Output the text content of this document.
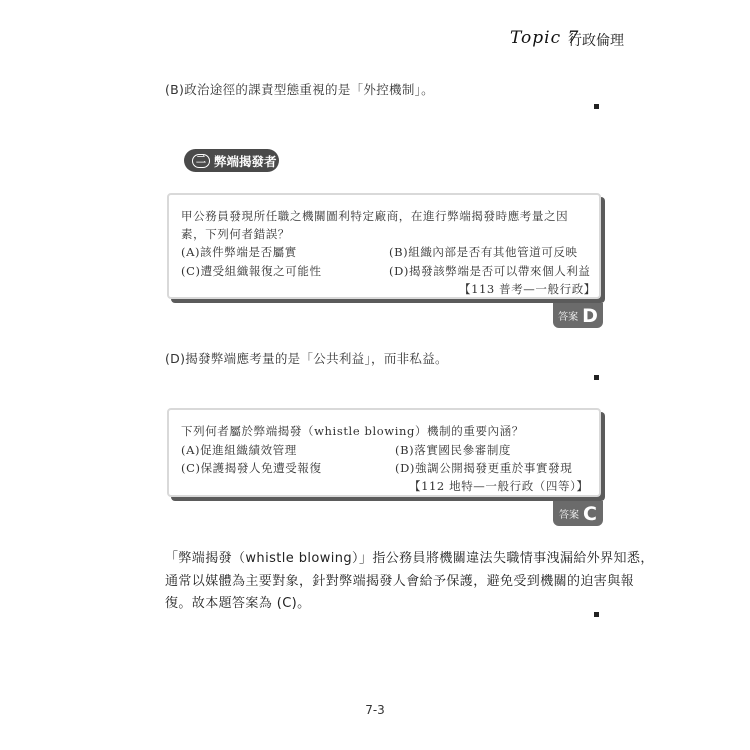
Topic 7
行政倫理
(B)政治途徑的課責型態重視的是「外控機制」。
二 弊端揭發者
甲公務員發現所任職之機關圖利特定廠商，在進行弊端揭發時應考量之因
素，下列何者錯誤？
(A)該件弊端是否屬實	(B)組織內部是否有其他管道可反映
(C)遭受組織報復之可能性	(D)揭發該弊端是否可以帶來個人利益
【113 普考—一般行政】
答案 D
(D)揭發弊端應考量的是「公共利益」，而非私益。
下列何者屬於弊端揭發（whistle blowing）機制的重要內涵？
(A)促進組織績效管理	(B)落實國民參審制度
(C)保護揭發人免遭受報復	(D)強調公開揭發更重於事實發現
【112 地特—一般行政（四等）】
答案 C
「弊端揭發（whistle blowing）」指公務員將機關違法失職情事洩漏給外界知悉，
通常以媒體為主要對象，針對弊端揭發人會給予保護，避免受到機關的迫害與報
復。故本題答案為 (C)。
7-3
